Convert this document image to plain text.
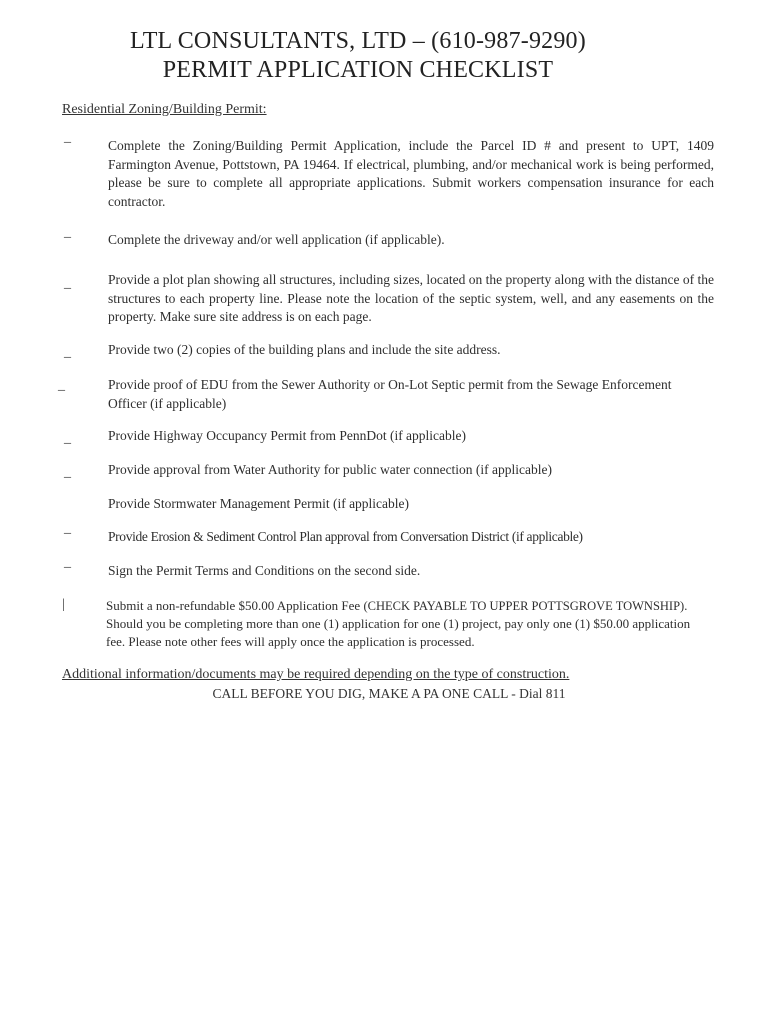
LTL CONSULTANTS, LTD – (610-987-9290)
PERMIT APPLICATION CHECKLIST
Residential Zoning/Building Permit:
_
Complete the Zoning/Building Permit Application, include the Parcel ID # and present to UPT, 1409 Farmington Avenue, Pottstown, PA 19464. If electrical, plumbing, and/or mechanical work is being performed, please be sure to complete all appropriate applications. Submit workers compensation insurance for each contractor.
_	Complete the driveway and/or well application (if applicable).
_	Provide a plot plan showing all structures, including sizes, located on the property along with the distance of the structures to each property line. Please note the location of the septic system, well, and any easements on the property. Make sure site address is on each page.
_	Provide two (2) copies of the building plans and include the site address.
_	Provide proof of EDU from the Sewer Authority or On-Lot Septic permit from the Sewage Enforcement Officer (if applicable)
_	Provide Highway Occupancy Permit from PennDot (if applicable)
_	Provide approval from Water Authority for public water connection (if applicable)
Provide Stormwater Management Permit (if applicable)
_
Provide Erosion & Sediment Control Plan approval from Conversation District (if applicable)
_
Sign the Permit Terms and Conditions on the second side.
|	Submit a non-refundable $50.00 Application Fee (CHECK PAYABLE TO UPPER POTTSGROVE TOWNSHIP). Should you be completing more than one (1) application for one (1) project, pay only one (1) $50.00 application fee. Please note other fees will apply once the application is processed.
Additional information/documents may be required depending on the type of construction.
CALL BEFORE YOU DIG, MAKE A PA ONE CALL - Dial 811
